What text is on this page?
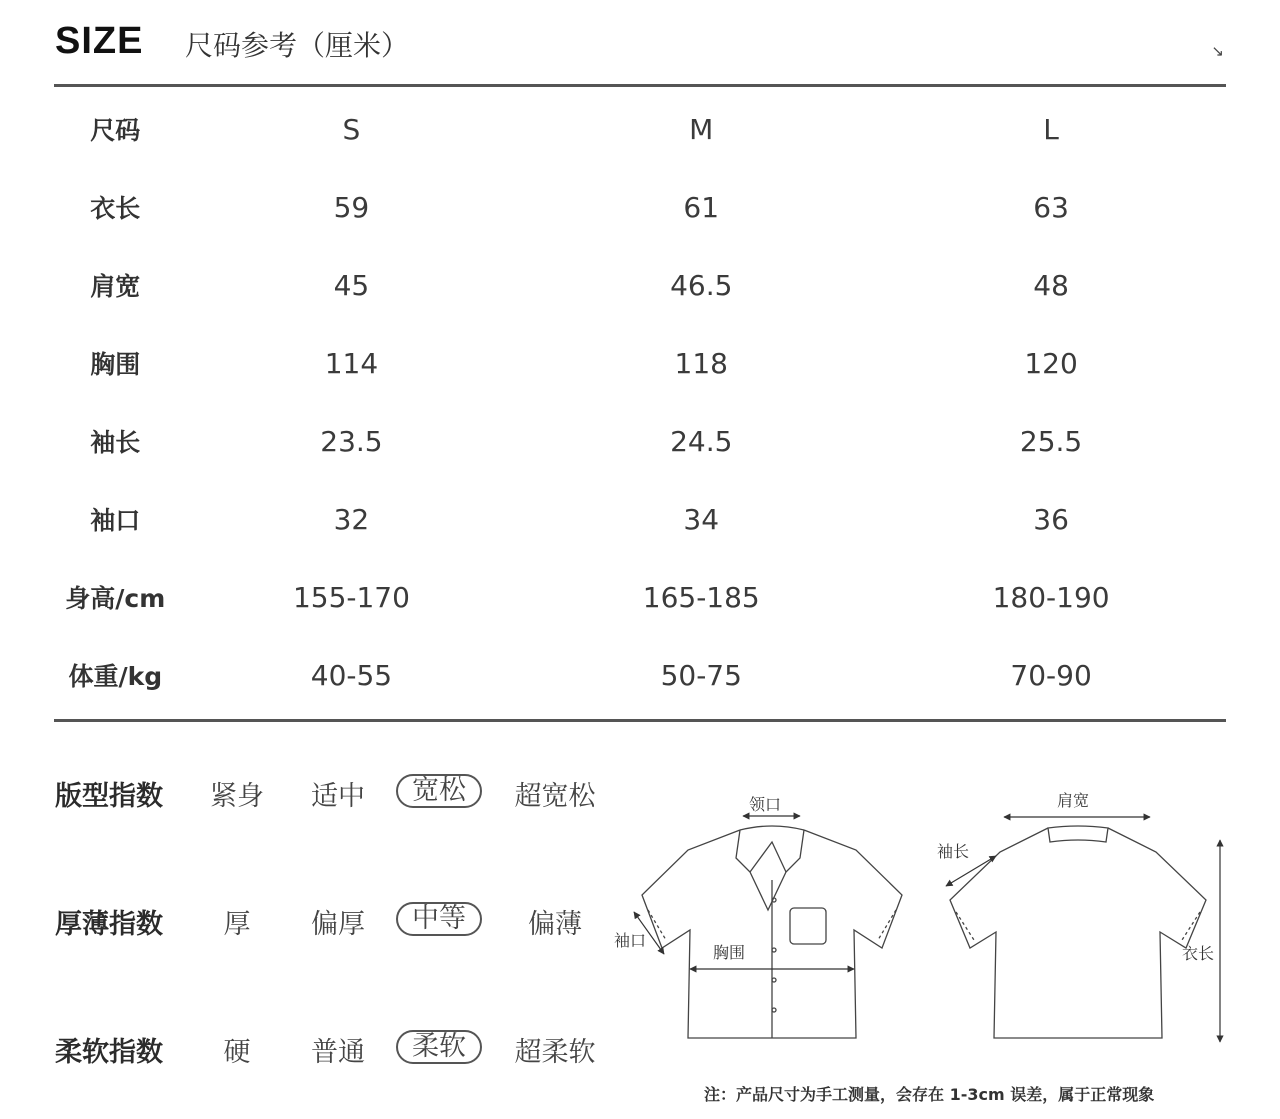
SIZE 尺码参考（厘米）	↘
尺码	S	M	L
衣长	59	61	63
肩宽	45	46.5	48
胸围	114	118	120
袖长	23.5	24.5	25.5
袖口	32	34	36
身高/cm	155-170	165-185	180-190
体重/kg	40-55	50-75	70-90
版型指数	紧身	适中	宽松	超宽松
厚薄指数	厚	偏厚	中等	偏薄
柔软指数	硬	普通	柔软	超柔软
领口
袖口
胸围
肩宽
袖长
衣长
注：产品尺寸为手工测量，会存在 1-3cm 误差，属于正常现象
